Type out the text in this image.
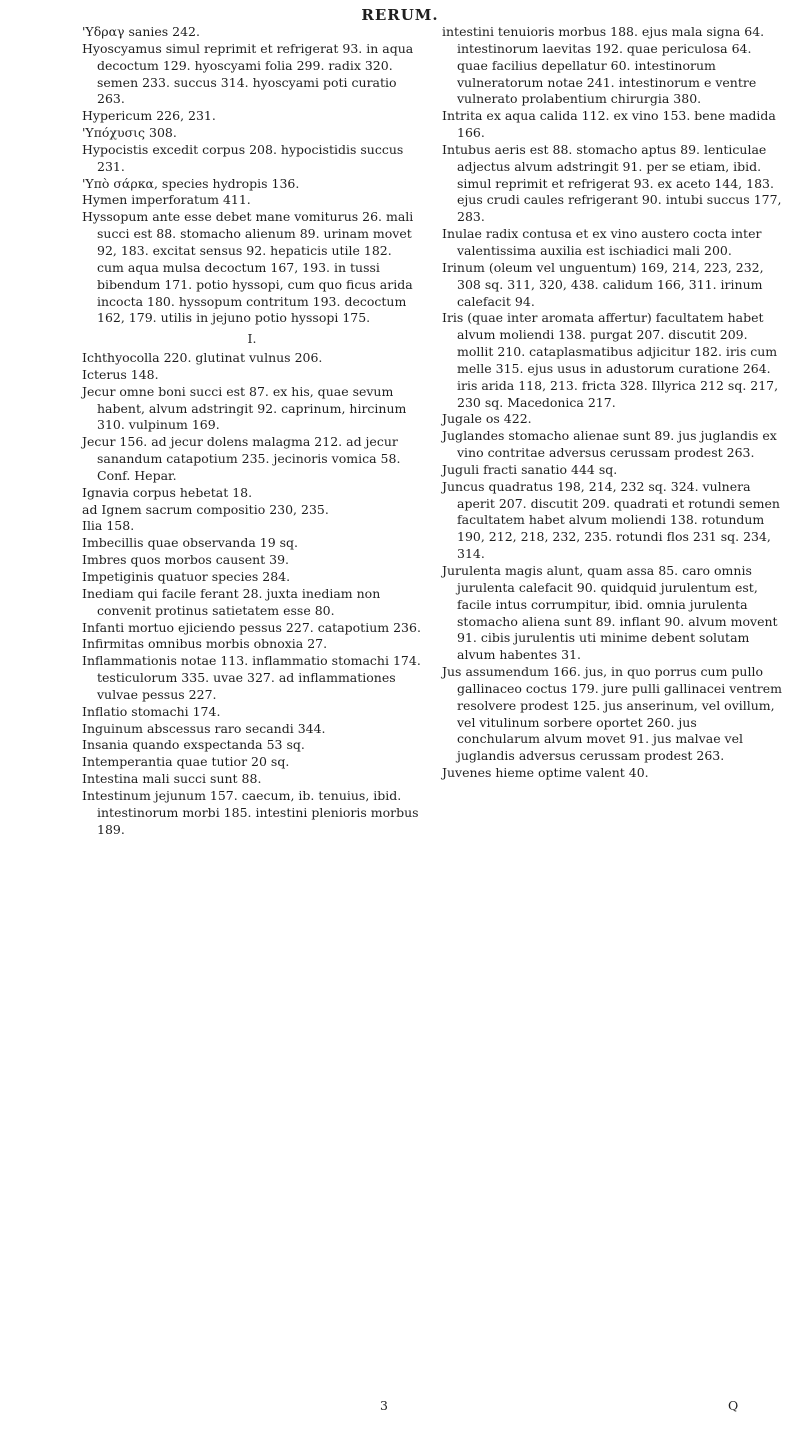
RERUM.

'Υδραγ sanies 242.

Hyoscyamus simul reprimit et refrigerat 93. in aqua decoctum 129. hyoscyami folia 299. radix 320. semen 233. succus 314. hyoscyami poti curatio 263.

Hypericum 226, 231.

'Υπόχυσις 308.

Hypocistis excedit corpus 208. hypocistidis succus 231.

'Υπὸ σάρκα, species hydropis 136.

Hymen imperforatum 411.

Hyssopum ante esse debet mane vomiturus 26. mali succi est 88. stomacho alienum 89. urinam movet 92, 183. excitat sensus 92. hepaticis utile 182. cum aqua mulsa decoctum 167, 193. in tussi bibendum 171. potio hyssopi, cum quo ficus arida incocta 180. hyssopum contritum 193. decoctum 162, 179. utilis in jejuno potio hyssopi 175.

I.

Ichthyocolla 220. glutinat vulnus 206.

Icterus 148.

Jecur omne boni succi est 87. ex his, quae sevum habent, alvum adstringit 92. caprinum, hircinum 310. vulpinum 169.

Jecur 156. ad jecur dolens malagma 212. ad jecur sanandum catapotium 235. jecinoris vomica 58. Conf. Hepar.

Ignavia corpus hebetat 18.

ad Ignem sacrum compositio 230, 235.

Ilia 158.

Imbecillis quae observanda 19 sq.

Imbres quos morbos causent 39.

Impetiginis quatuor species 284.

Inediam qui facile ferant 28. juxta inediam non convenit protinus satietatem esse 80.

Infanti mortuo ejiciendo pessus 227. catapotium 236.

Infirmitas omnibus morbis obnoxia 27.

Inflammationis notae 113. inflammatio stomachi 174. testiculorum 335. uvae 327. ad inflammationes vulvae pessus 227.

Inflatio stomachi 174.

Inguinum abscessus raro secandi 344.

Insania quando exspectanda 53 sq.

Intemperantia quae tutior 20 sq.

Intestina mali succi sunt 88.

Intestinum jejunum 157. caecum, ib. tenuius, ibid. intestinorum morbi 185. intestini plenioris morbus 189.

intestini tenuioris morbus 188. ejus mala signa 64. intestinorum laevitas 192. quae periculosa 64. quae facilius depellatur 60. intestinorum vulneratorum notae 241. intestinorum e ventre vulnerato prolabentium chirurgia 380.

Intrita ex aqua calida 112. ex vino 153. bene madida 166.

Intubus aeris est 88. stomacho aptus 89. lenticulae adjectus alvum adstringit 91. per se etiam, ibid. simul reprimit et refrigerat 93. ex aceto 144, 183. ejus crudi caules refrigerant 90. intubi succus 177, 283.

Inulae radix contusa et ex vino austero cocta inter valentissima auxilia est ischiadici mali 200.

Irinum (oleum vel unguentum) 169, 214, 223, 232, 308 sq. 311, 320, 438. calidum 166, 311. irinum calefacit 94.

Iris (quae inter aromata affertur) facultatem habet alvum moliendi 138. purgat 207. discutit 209. mollit 210. cataplasmatibus adjicitur 182. iris cum melle 315. ejus usus in adustorum curatione 264. iris arida 118, 213. fricta 328. Illyrica 212 sq. 217, 230 sq. Macedonica 217.

Jugale os 422.

Juglandes stomacho alienae sunt 89. jus juglandis ex vino contritae adversus cerussam prodest 263.

Juguli fracti sanatio 444 sq.

Juncus quadratus 198, 214, 232 sq. 324. vulnera aperit 207. discutit 209. quadrati et rotundi semen facultatem habet alvum moliendi 138. rotundum 190, 212, 218, 232, 235. rotundi flos 231 sq. 234, 314.

Jurulenta magis alunt, quam assa 85. caro omnis jurulenta calefacit 90. quidquid jurulentum est, facile intus corrumpitur, ibid. omnia jurulenta stomacho aliena sunt 89. inflant 90. alvum movent 91. cibis jurulentis uti minime debent solutam alvum habentes 31.

Jus assumendum 166. jus, in quo porrus cum pullo gallinaceo coctus 179. jure pulli gallinacei ventrem resolvere prodest 125. jus anserinum, vel ovillum, vel vitulinum sorbere oportet 260. jus conchularum alvum movet 91. jus malvae vel juglandis adversus cerussam prodest 263.

Juvenes hieme optime valent 40.

3	Q
